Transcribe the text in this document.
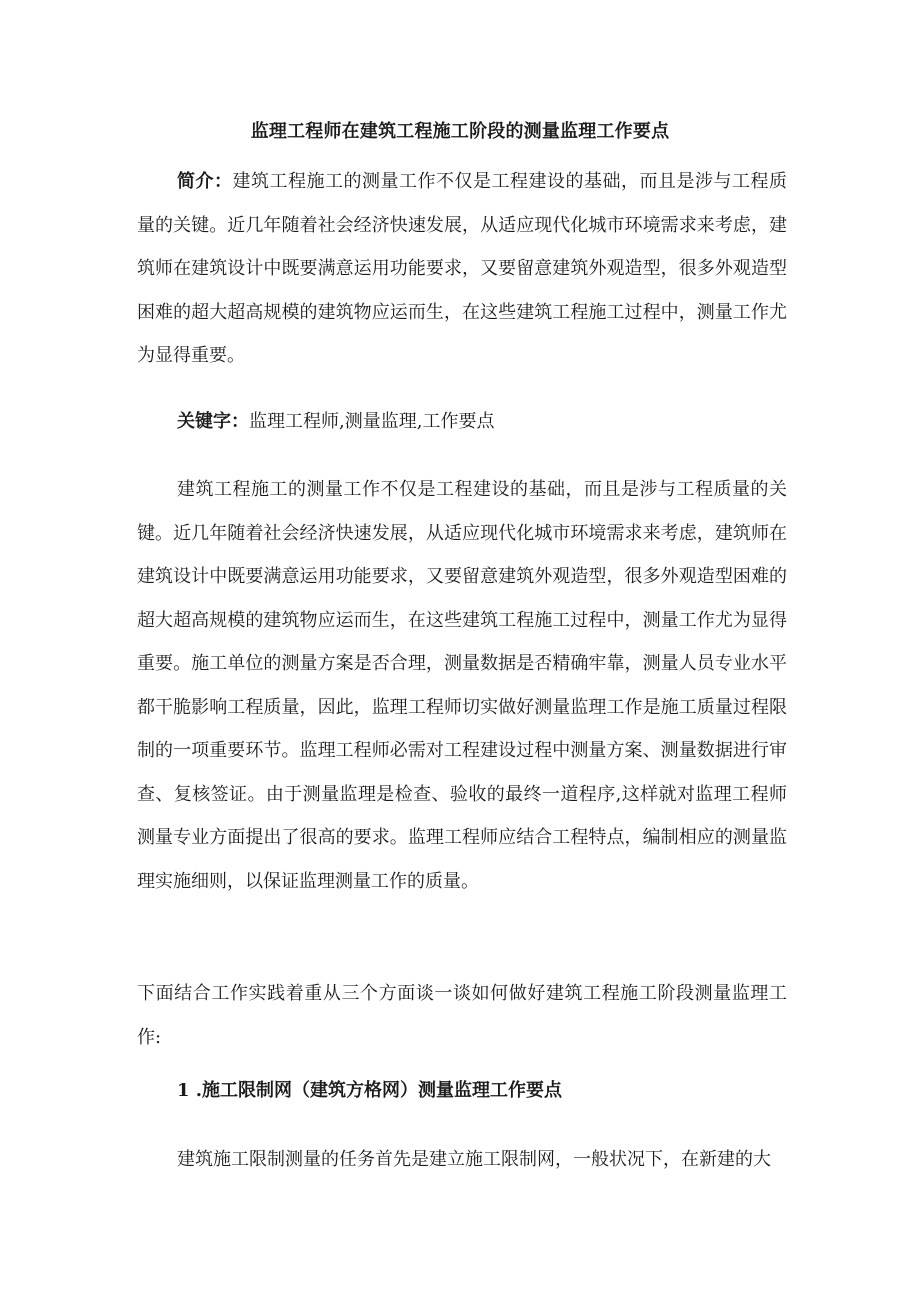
监理工程师在建筑工程施工阶段的测量监理工作要点

简介：建筑工程施工的测量工作不仅是工程建设的基础，而且是涉与工程质量的关键。近几年随着社会经济快速发展，从适应现代化城市环境需求来考虑，建筑师在建筑设计中既要满意运用功能要求，又要留意建筑外观造型，很多外观造型困难的超大超高规模的建筑物应运而生，在这些建筑工程施工过程中，测量工作尤为显得重要。

关键字：监理工程师,测量监理,工作要点

建筑工程施工的测量工作不仅是工程建设的基础，而且是涉与工程质量的关键。近几年随着社会经济快速发展，从适应现代化城市环境需求来考虑，建筑师在建筑设计中既要满意运用功能要求，又要留意建筑外观造型，很多外观造型困难的超大超高规模的建筑物应运而生，在这些建筑工程施工过程中，测量工作尤为显得重要。施工单位的测量方案是否合理，测量数据是否精确牢靠，测量人员专业水平都干脆影响工程质量，因此，监理工程师切实做好测量监理工作是施工质量过程限制的一项重要环节。监理工程师必需对工程建设过程中测量方案、测量数据进行审查、复核签证。由于测量监理是检查、验收的最终一道程序,这样就对监理工程师测量专业方面提出了很高的要求。监理工程师应结合工程特点，编制相应的测量监理实施细则，以保证监理测量工作的质量。

下面结合工作实践着重从三个方面谈一谈如何做好建筑工程施工阶段测量监理工作:

1 .施工限制网（建筑方格网）测量监理工作要点

建筑施工限制测量的任务首先是建立施工限制网，一般状况下，在新建的大
